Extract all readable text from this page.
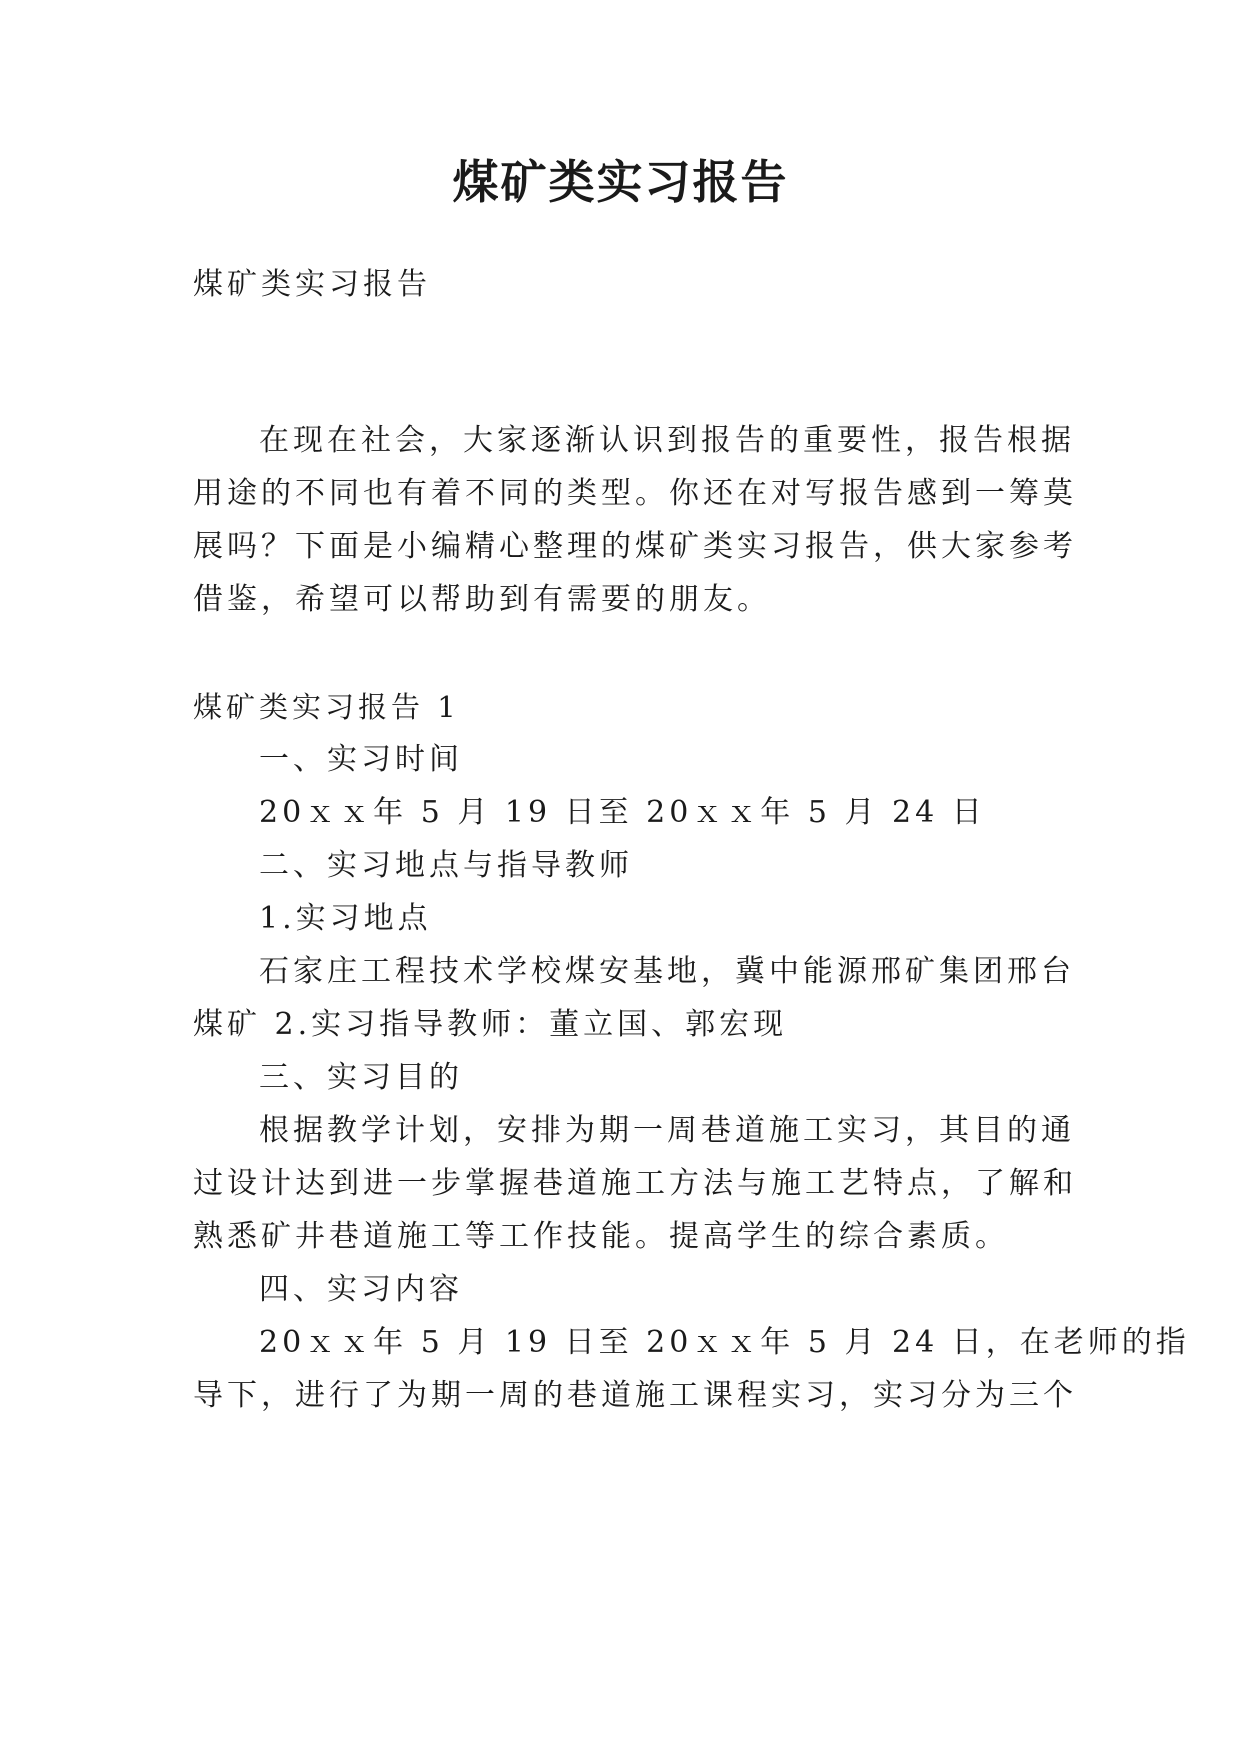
煤矿类实习报告
煤矿类实习报告
在现在社会，大家逐渐认识到报告的重要性，报告根据
用途的不同也有着不同的类型。你还在对写报告感到一筹莫
展吗？下面是小编精心整理的煤矿类实习报告，供大家参考
借鉴，希望可以帮助到有需要的朋友。
煤矿类实习报告 1
一、实习时间
20ｘｘ年 5 月 19 日至 20ｘｘ年 5 月 24 日
二、实习地点与指导教师
1.实习地点
石家庄工程技术学校煤安基地，冀中能源邢矿集团邢台
煤矿 2.实习指导教师：董立国、郭宏现
三、实习目的
根据教学计划，安排为期一周巷道施工实习，其目的通
过设计达到进一步掌握巷道施工方法与施工艺特点，了解和
熟悉矿井巷道施工等工作技能。提高学生的综合素质。
四、实习内容
20ｘｘ年 5 月 19 日至 20ｘｘ年 5 月 24 日，在老师的指
导下，进行了为期一周的巷道施工课程实习，实习分为三个
